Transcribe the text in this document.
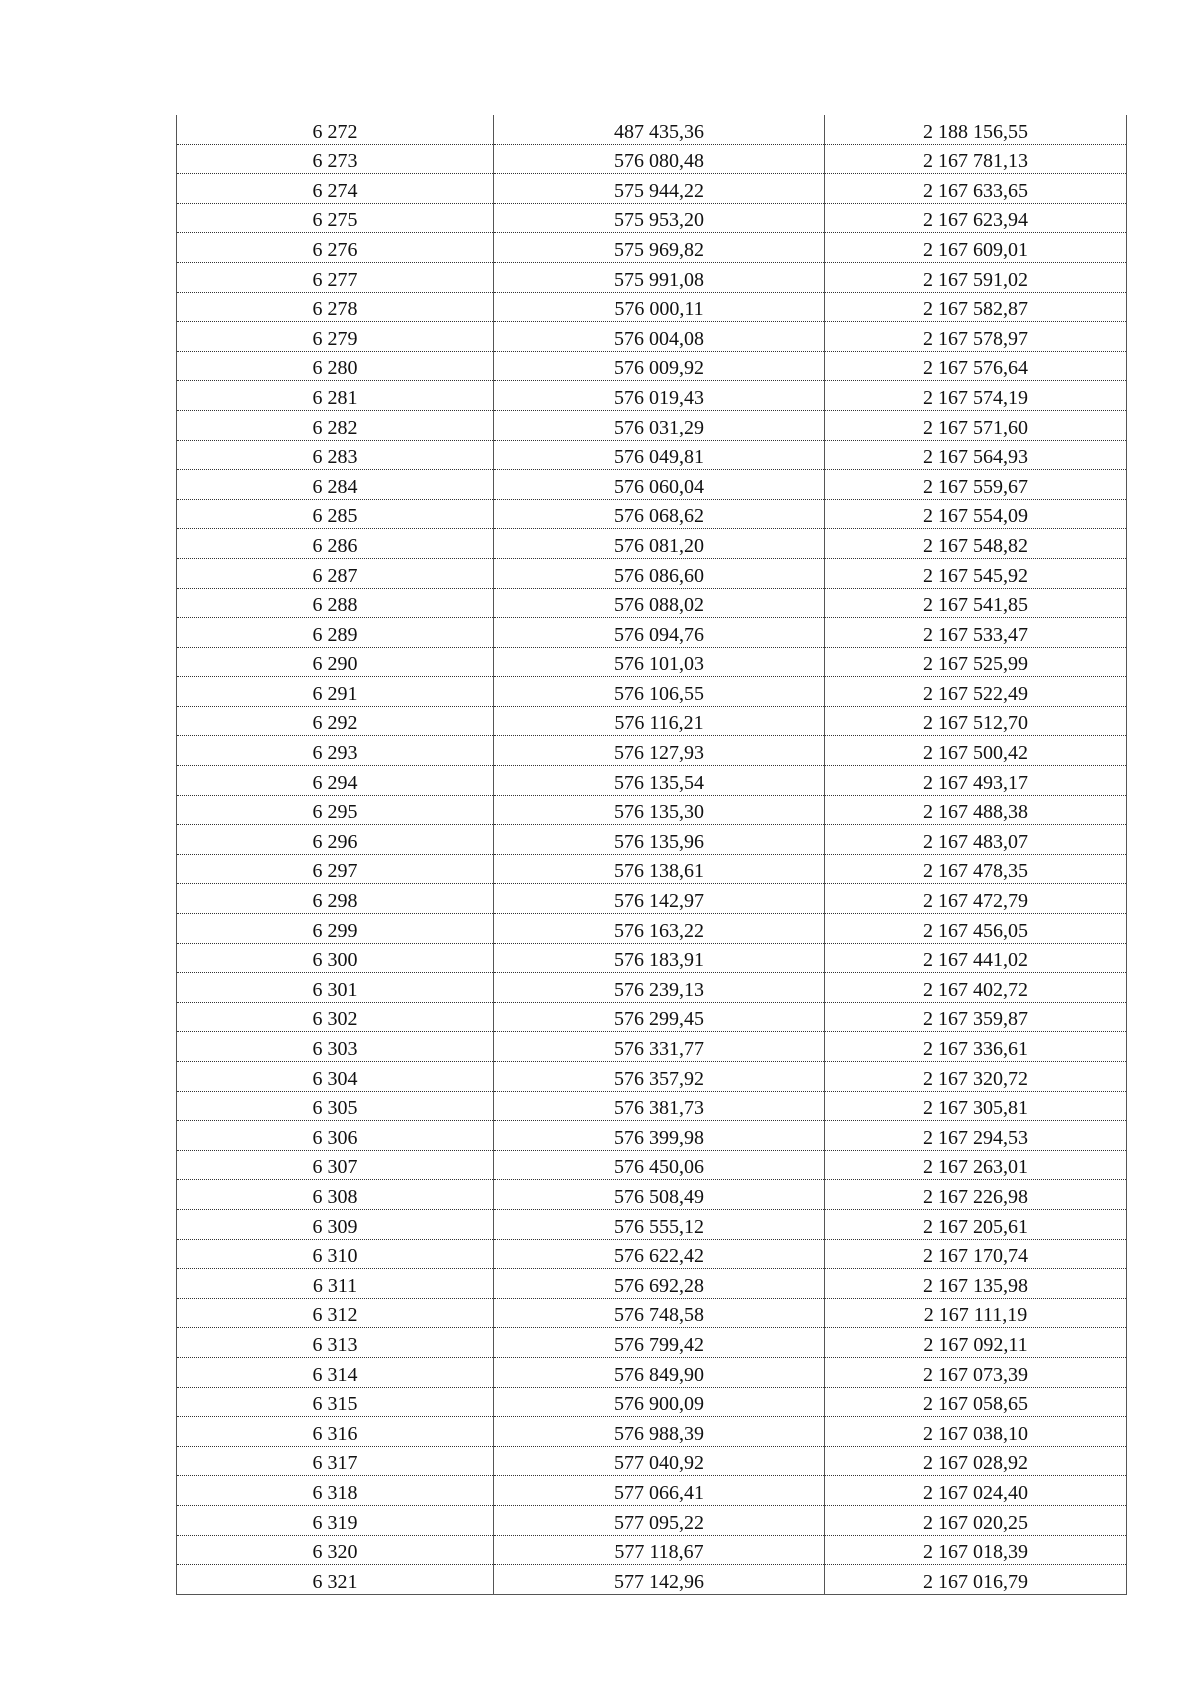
6 272	487 435,36	2 188 156,55
6 273	576 080,48	2 167 781,13
6 274	575 944,22	2 167 633,65
6 275	575 953,20	2 167 623,94
6 276	575 969,82	2 167 609,01
6 277	575 991,08	2 167 591,02
6 278	576 000,11	2 167 582,87
6 279	576 004,08	2 167 578,97
6 280	576 009,92	2 167 576,64
6 281	576 019,43	2 167 574,19
6 282	576 031,29	2 167 571,60
6 283	576 049,81	2 167 564,93
6 284	576 060,04	2 167 559,67
6 285	576 068,62	2 167 554,09
6 286	576 081,20	2 167 548,82
6 287	576 086,60	2 167 545,92
6 288	576 088,02	2 167 541,85
6 289	576 094,76	2 167 533,47
6 290	576 101,03	2 167 525,99
6 291	576 106,55	2 167 522,49
6 292	576 116,21	2 167 512,70
6 293	576 127,93	2 167 500,42
6 294	576 135,54	2 167 493,17
6 295	576 135,30	2 167 488,38
6 296	576 135,96	2 167 483,07
6 297	576 138,61	2 167 478,35
6 298	576 142,97	2 167 472,79
6 299	576 163,22	2 167 456,05
6 300	576 183,91	2 167 441,02
6 301	576 239,13	2 167 402,72
6 302	576 299,45	2 167 359,87
6 303	576 331,77	2 167 336,61
6 304	576 357,92	2 167 320,72
6 305	576 381,73	2 167 305,81
6 306	576 399,98	2 167 294,53
6 307	576 450,06	2 167 263,01
6 308	576 508,49	2 167 226,98
6 309	576 555,12	2 167 205,61
6 310	576 622,42	2 167 170,74
6 311	576 692,28	2 167 135,98
6 312	576 748,58	2 167 111,19
6 313	576 799,42	2 167 092,11
6 314	576 849,90	2 167 073,39
6 315	576 900,09	2 167 058,65
6 316	576 988,39	2 167 038,10
6 317	577 040,92	2 167 028,92
6 318	577 066,41	2 167 024,40
6 319	577 095,22	2 167 020,25
6 320	577 118,67	2 167 018,39
6 321	577 142,96	2 167 016,79
